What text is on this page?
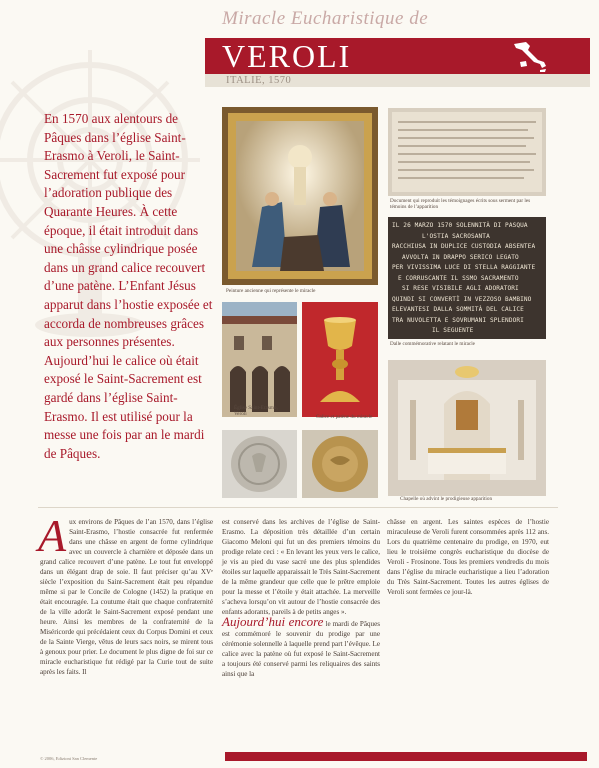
Miracle Eucharistique de
VEROLI
ITALIE, 1570
En 1570 aux alentours de Pâques dans l’église Saint-Erasmo à Veroli, le Saint-Sacrement fut exposé pour l’adoration publique des Quarante Heures. À cette époque, il était introduit dans une châsse cylindrique posée dans un grand calice recouvert d’une patène. L’Enfant Jésus apparut dans l’hostie exposée et accorda de nombreuses grâces aux personnes présentes. Aujourd’hui le calice où était exposé le Saint-Sacrement est gardé dans l’église Saint-Erasmo. Il est utilisé pour la messe une fois par an le mardi de Pâques.
Peinture ancienne qui représente le miracle
Document qui reproduit les témoignages écrits sous serment par les témoins de l’apparition
IL 26 MARZO 1570 SOLENNITÀ DI PASQUA
L'OSTIA SACROSANTA
RACCHIUSA IN DUPLICE CUSTODIA ABSENTEA
AVVOLTA IN DRAPPO SERICO LEGATO
PER VIVISSIMA LUCE DI STELLA RAGGIANTE
E CORRUSCANTE IL SSMO SACRAMENTO
SI RESE VISIBILE AGLI ADORATORI
QUINDI SI CONVERTÌ IN VEZZOSO BAMBINO
ELEVANTESI DALLA SOMMITÀ DEL CALICE
TRA NUVOLETTA E SOVRUMANI SPLENDORI
IL SEGUENTE
Dalle commémorative relatant le miracle
Église Saint-Erasmo, Veroli	Calice et patène du miracle
Chapelle où advint le prodigieuse apparition
Aux environs de Pâques de l’an 1570, dans l’église Saint-Erasmo, l’hostie consacrée fut renfermée dans une châsse en argent de forme cylindrique avec un couvercle à charnière et déposée dans un grand calice recouvert d’une patène. Le tout fut enveloppé dans un élégant drap de soie. Il faut préciser qu’au XVᵉ siècle l’exposition du Saint-Sacrement était peu répandue même si par le Concile de Cologne (1452) la pratique en était encouragée. La coutume était que chaque confraternité de la ville adorât le Saint-Sacrement exposé pendant une heure. Ainsi les membres de la confraternité de la Miséricorde qui précédaient ceux du Corpus Domini et ceux de la Sainte Vierge, vêtus de leurs sacs noirs, se mirent tous à genoux pour prier. Le document le plus digne de foi sur ce miracle eucharistique fut rédigé par la Curie tout de suite après les faits. Il
est conservé dans les archives de l’église de Saint-Erasmo. La déposition très détaillée d’un certain Giacomo Meloni qui fut un des premiers témoins du prodige relate ceci : « En levant les yeux vers le calice, je vis au pied du vase sacré une des plus splendides étoiles sur laquelle apparaissait le Très Saint-Sacrement de la même grandeur que celle que le prêtre emploie pour la messe et l’étoile y était attachée. La merveille s’acheva lorsqu’on vit autour de l’hostie consacrée des enfants adorants, pareils à de petits anges ».
Aujourd’hui encore le mardi de Pâques est commémoré le souvenir du prodige par une cérémonie solennelle à laquelle prend part l’évêque. Le calice avec la patène où fut exposé le Saint-Sacrement a toujours été conservé parmi les reliquaires des saints ainsi que la
châsse en argent. Les saintes espèces de l’hostie miraculeuse de Veroli furent consommées après 112 ans. Lors du quatrième centenaire du prodige, en 1970, eut lieu le troisième congrès eucharistique du diocèse de Veroli - Frosinone. Tous les premiers vendredis du mois dans l’église du miracle eucharistique a lieu l’adoration du Très Saint-Sacrement. Toutes les autres églises de Veroli sont fermées ce jour-là.
© 2006, Edizioni San Clemente
